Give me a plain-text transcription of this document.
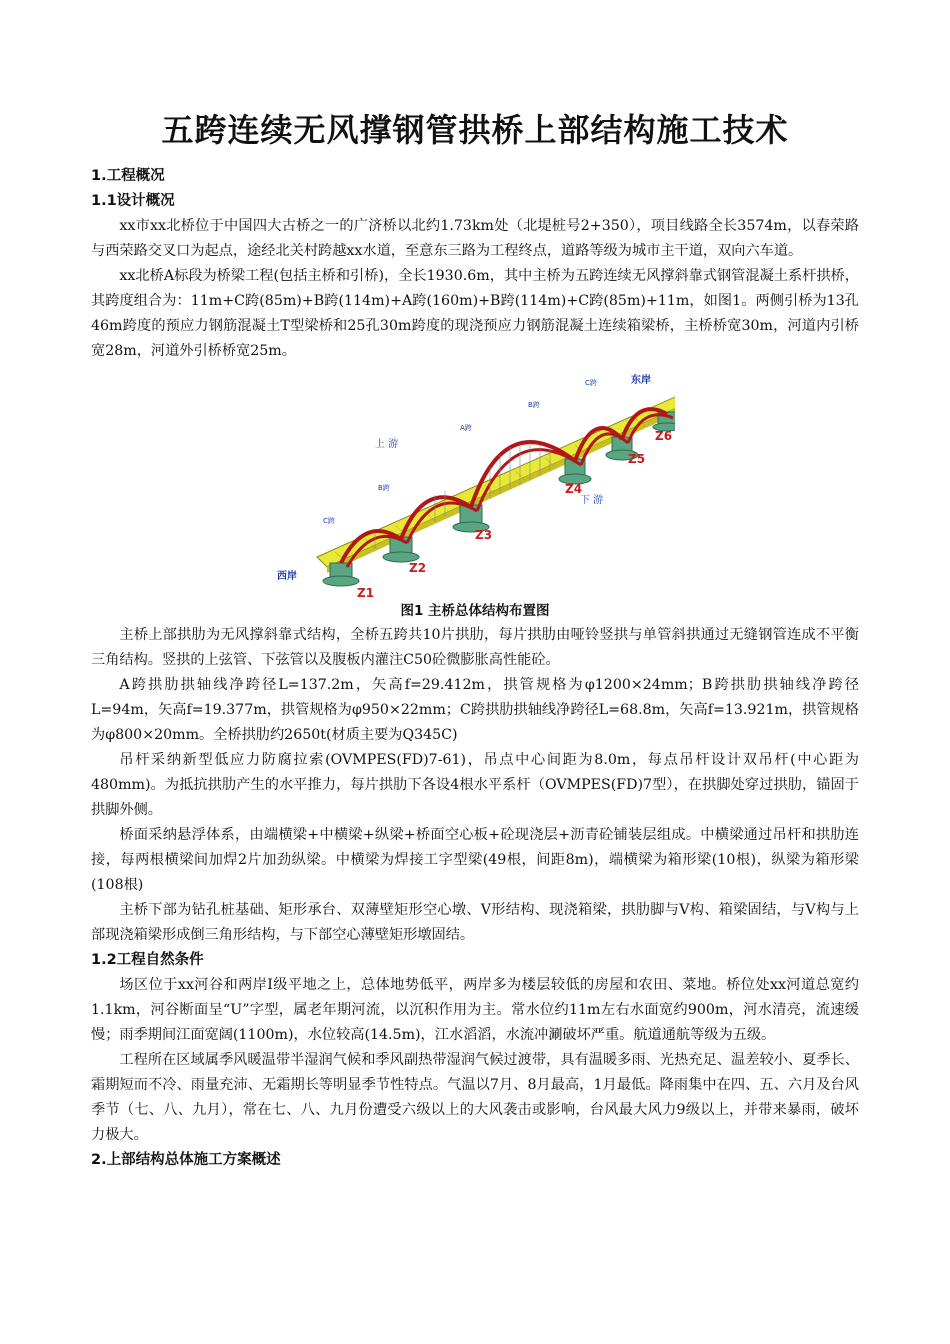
五跨连续无风撑钢管拱桥上部结构施工技术
1.工程概况
1.1设计概况

xx市xx北桥位于中国四大古桥之一的广济桥以北约1.73km处（北堤桩号2+350），项目线路全长3574m，以春荣路与西荣路交叉口为起点，途经北关村跨越xx水道，至意东三路为工程终点，道路等级为城市主干道，双向六车道。

xx北桥A标段为桥梁工程(包括主桥和引桥)，全长1930.6m，其中主桥为五跨连续无风撑斜靠式钢管混凝土系杆拱桥，其跨度组合为：11m+C跨(85m)+B跨(114m)+A跨(160m)+B跨(114m)+C跨(85m)+11m，如图1。两侧引桥为13孔46m跨度的预应力钢筋混凝土T型梁桥和25孔30m跨度的现浇预应力钢筋混凝土连续箱梁桥，主桥桥宽30m，河道内引桥宽28m，河道外引桥桥宽25m。

东岸
西岸
上 游
下 游
C跨
B跨
A跨
B跨
C跨
Z1
Z2
Z3
Z4
Z5
Z6
图1 主桥总体结构布置图

主桥上部拱肋为无风撑斜靠式结构，全桥五跨共10片拱肋，每片拱肋由哑铃竖拱与单管斜拱通过无缝钢管连成不平衡三角结构。竖拱的上弦管、下弦管以及腹板内灌注C50砼微膨胀高性能砼。

A跨拱肋拱轴线净跨径L=137.2m，矢高f=29.412m，拱管规格为φ1200×24mm；B跨拱肋拱轴线净跨径L=94m，矢高f=19.377m，拱管规格为φ950×22mm；C跨拱肋拱轴线净跨径L=68.8m，矢高f=13.921m，拱管规格为φ800×20mm。全桥拱肋约2650t(材质主要为Q345C)

吊杆采纳新型低应力防腐拉索(OVMPES(FD)7-61)，吊点中心间距为8.0m，每点吊杆设计双吊杆(中心距为480mm)。为抵抗拱肋产生的水平推力，每片拱肋下各设4根水平系杆（OVMPES(FD)7型），在拱脚处穿过拱肋，锚固于拱脚外侧。

桥面采纳悬浮体系，由端横梁+中横梁+纵梁+桥面空心板+砼现浇层+沥青砼铺装层组成。中横梁通过吊杆和拱肋连接，每两根横梁间加焊2片加劲纵梁。中横梁为焊接工字型梁(49根，间距8m)，端横梁为箱形梁(10根)，纵梁为箱形梁(108根)

主桥下部为钻孔桩基础、矩形承台、双薄壁矩形空心墩、V形结构、现浇箱梁，拱肋脚与V构、箱梁固结，与V构与上部现浇箱梁形成倒三角形结构，与下部空心薄壁矩形墩固结。

1.2工程自然条件

场区位于xx河谷和两岸Ⅰ级平地之上，总体地势低平，两岸多为楼层较低的房屋和农田、菜地。桥位处xx河道总宽约1.1km，河谷断面呈“U”字型，属老年期河流，以沉积作用为主。常水位约11m左右水面宽约900m，河水清亮，流速缓慢；雨季期间江面宽阔(1100m)，水位较高(14.5m)，江水滔滔，水流冲涮破坏严重。航道通航等级为五级。

工程所在区域属季风暖温带半湿润气候和季风副热带湿润气候过渡带，具有温暖多雨、光热充足、温差较小、夏季长、霜期短而不冷、雨量充沛、无霜期长等明显季节性特点。气温以7月、8月最高，1月最低。降雨集中在四、五、六月及台风季节（七、八、九月），常在七、八、九月份遭受六级以上的大风袭击或影响，台风最大风力9级以上，并带来暴雨，破坏力极大。

2.上部结构总体施工方案概述
